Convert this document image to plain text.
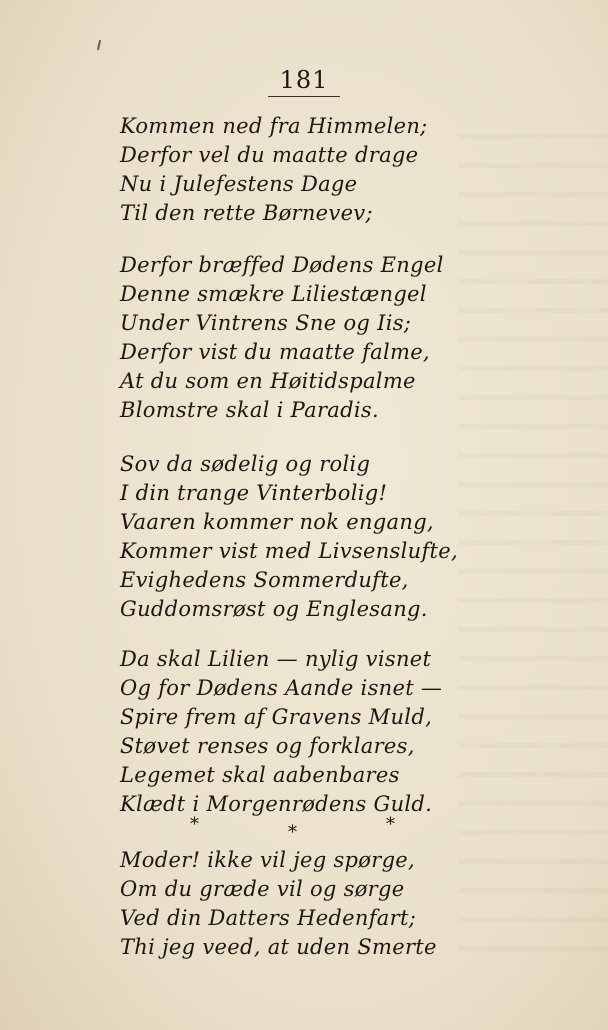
181
Kommen ned fra Himmelen;
Derfor vel du maatte drage
Nu i Julefestens Dage
Til den rette Børnevev;
Derfor bræffed Dødens Engel
Denne smækre Liliestængel
Under Vintrens Sne og Iis;
Derfor vist du maatte falme,
At du som en Høitidspalme
Blomstre skal i Paradis.
Sov da sødelig og rolig
I din trange Vinterbolig!
Vaaren kommer nok engang,
Kommer vist med Livsenslufte,
Evighedens Sommerdufte,
Guddomsrøst og Englesang.
Da skal Lilien — nylig visnet
Og for Dødens Aande isnet —
Spire frem af Gravens Muld,
Støvet renses og forklares,
Legemet skal aabenbares
Klædt i Morgenrødens Guld.
*	*	*
Moder! ikke vil jeg spørge,
Om du græde vil og sørge
Ved din Datters Hedenfart;
Thi jeg veed, at uden Smerte
